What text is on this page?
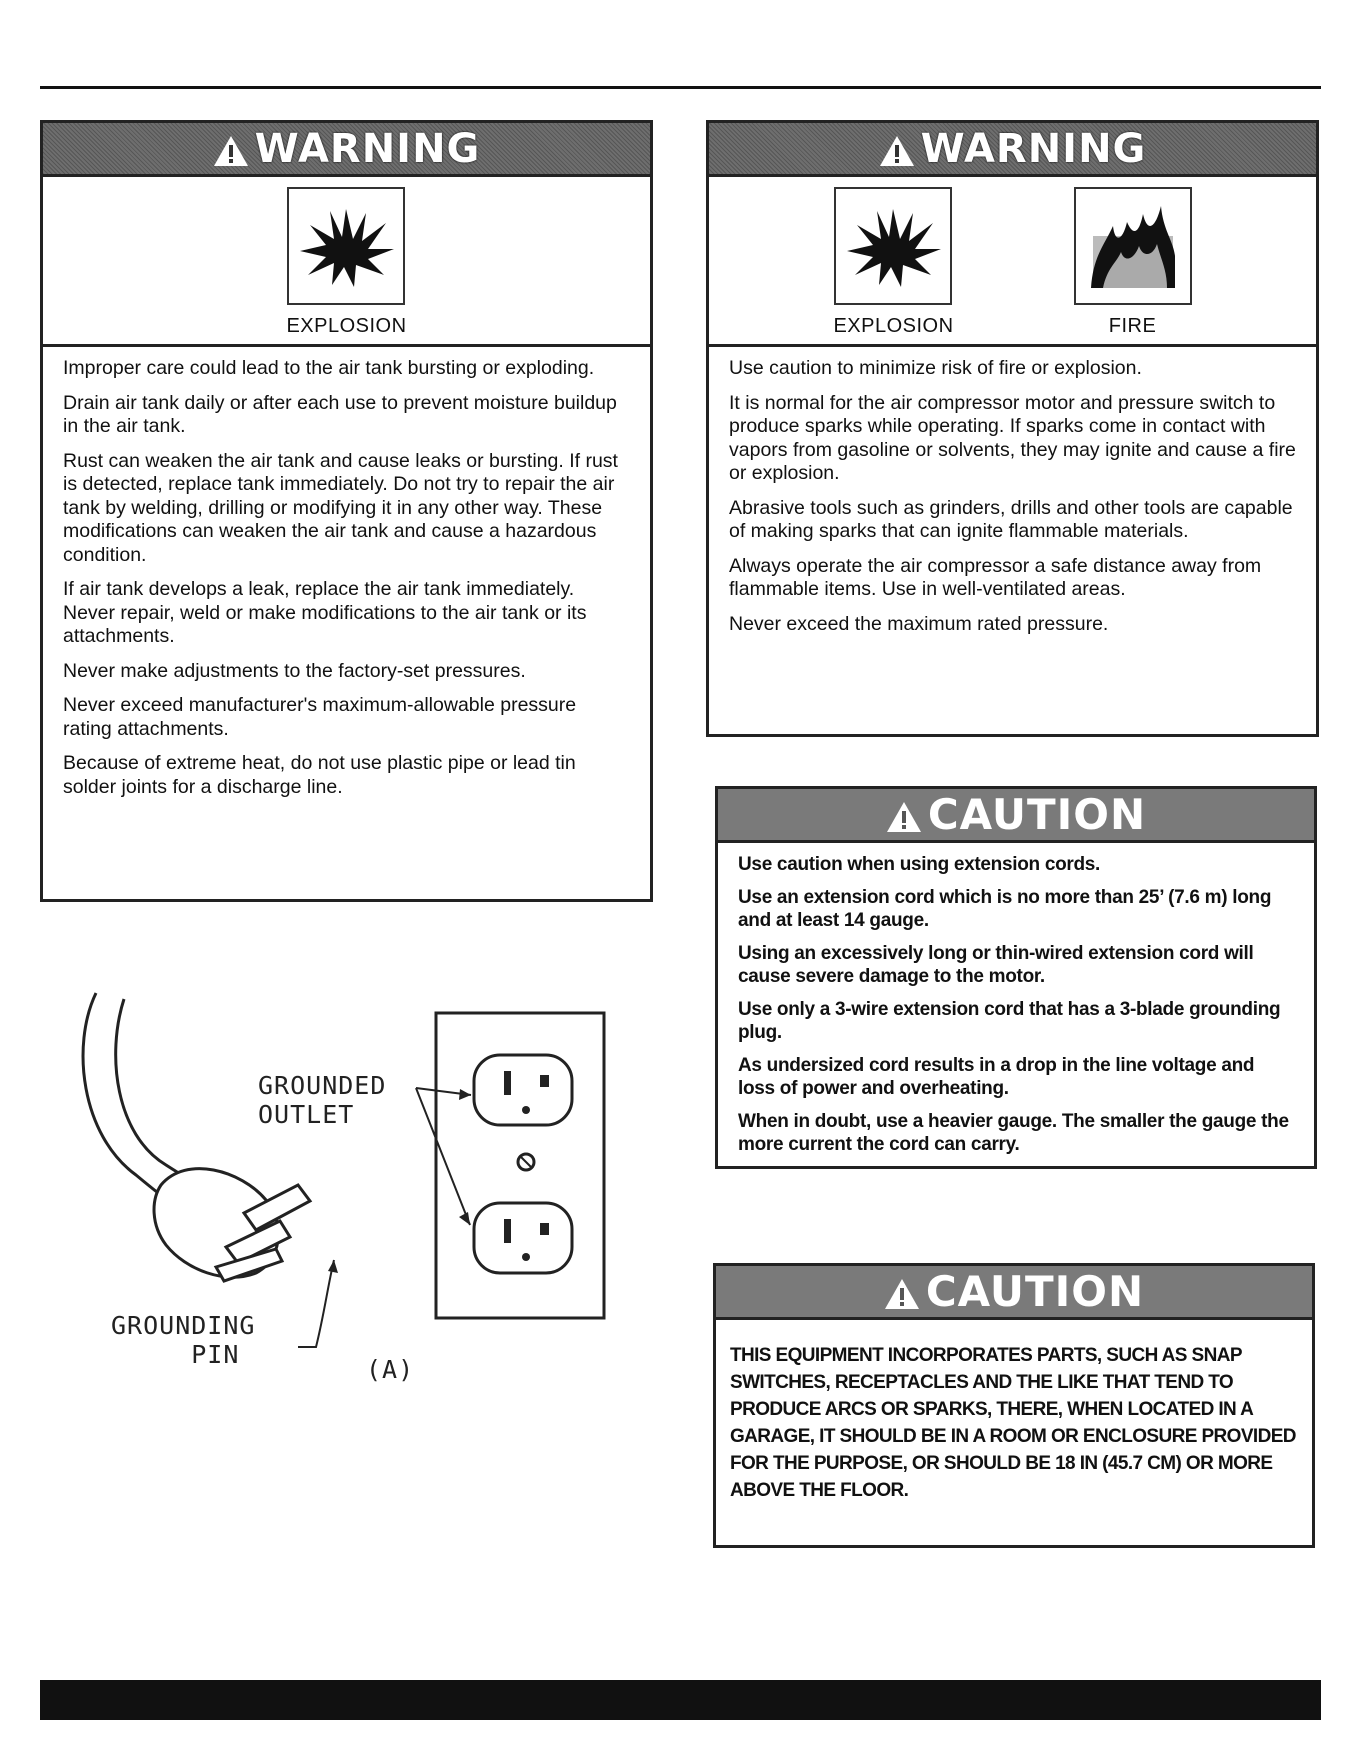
WARNING
EXPLOSION

Improper care could lead to the air tank bursting or exploding.

Drain air tank daily or after each use to prevent moisture buildup in the air tank.

Rust can weaken the air tank and cause leaks or bursting. If rust is detected, replace tank immediately. Do not try to repair the air tank by welding, drilling or modifying it in any other way. These modifications can weaken the air tank and cause a hazardous condition.

If air tank develops a leak, replace the air tank immediately. Never repair, weld or make modifications to the air tank or its attachments.

Never make adjustments to the factory-set pressures.

Never exceed manufacturer's maximum-allowable pressure rating attachments.

Because of extreme heat, do not use plastic pipe or lead tin solder joints for a discharge line.

WARNING
EXPLOSION	FIRE

Use caution to minimize risk of fire or explosion.

It is normal for the air compressor motor and pressure switch to produce sparks while operating. If sparks come in contact with vapors from gasoline or solvents, they may ignite and cause a fire or explosion.

Abrasive tools such as grinders, drills and other tools are capable of making sparks that can ignite flammable materials.

Always operate the air compressor a safe distance away from flammable items. Use in well-ventilated areas.

Never exceed the maximum rated pressure.

CAUTION

Use caution when using extension cords.

Use an extension cord which is no more than 25’ (7.6 m) long and at least 14 gauge.

Using an excessively long or thin-wired extension cord will cause severe damage to the motor.

Use only a 3-wire extension cord that has a 3-blade grounding plug.

As undersized cord results in a drop in the line voltage and loss of power and overheating.

When in doubt, use a heavier gauge. The smaller the gauge the more current the cord can carry.

CAUTION
THIS EQUIPMENT INCORPORATES PARTS, SUCH AS SNAP SWITCHES, RECEPTACLES AND THE LIKE THAT TEND TO PRODUCE ARCS OR SPARKS, THERE, WHEN LOCATED IN A GARAGE, IT SHOULD BE IN A ROOM OR ENCLOSURE PROVIDED FOR THE PURPOSE, OR SHOULD BE 18 IN (45.7 CM) OR MORE ABOVE THE FLOOR.
GROUNDED
OUTLET
GROUNDING
PIN
(A)
